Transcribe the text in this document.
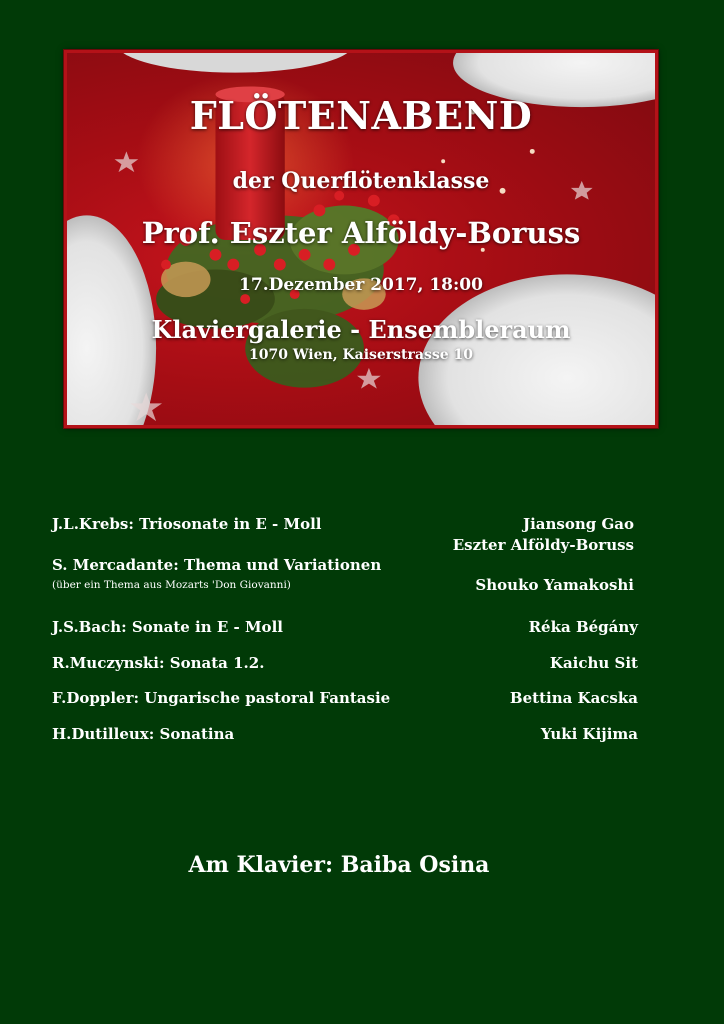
FLÖTENABEND
der Querflötenklasse
Prof. Eszter Alföldy-Boruss
17.Dezember 2017, 18:00
Klaviergalerie - Ensembleraum
1070 Wien, Kaiserstrasse 10
J.L.Krebs: Triosonate in E - Moll	Jiansong Gao
Eszter Alföldy-Boruss
S. Mercadante: Thema und Variationen
(über ein Thema aus Mozarts 'Don Giovanni)	Shouko Yamakoshi
J.S.Bach: Sonate in E - Moll	Réka Bégány
R.Muczynski: Sonata 1.2.	Kaichu Sit
F.Doppler: Ungarische pastoral Fantasie	Bettina Kacska
H.Dutilleux: Sonatina	Yuki Kijima
Am Klavier: Baiba Osina
